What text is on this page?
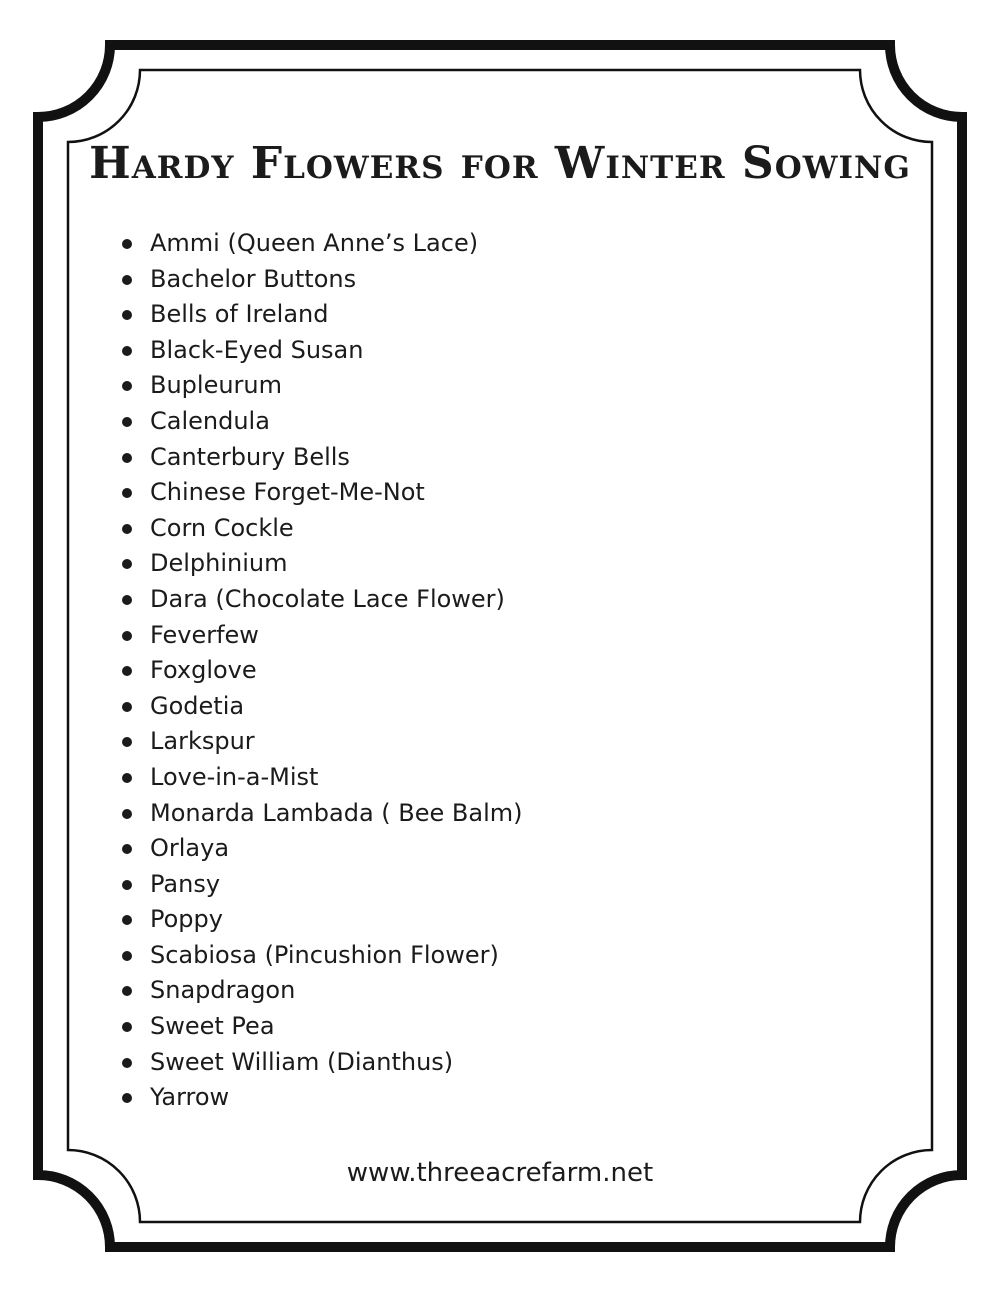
Hardy Flowers for Winter Sowing
Ammi (Queen Anne’s Lace)
Bachelor Buttons
Bells of Ireland
Black-Eyed Susan
Bupleurum
Calendula
Canterbury Bells
Chinese Forget-Me-Not
Corn Cockle
Delphinium
Dara (Chocolate Lace Flower)
Feverfew
Foxglove
Godetia
Larkspur
Love-in-a-Mist
Monarda Lambada ( Bee Balm)
Orlaya
Pansy
Poppy
Scabiosa (Pincushion Flower)
Snapdragon
Sweet Pea
Sweet William (Dianthus)
Yarrow
www.threeacrefarm.net
